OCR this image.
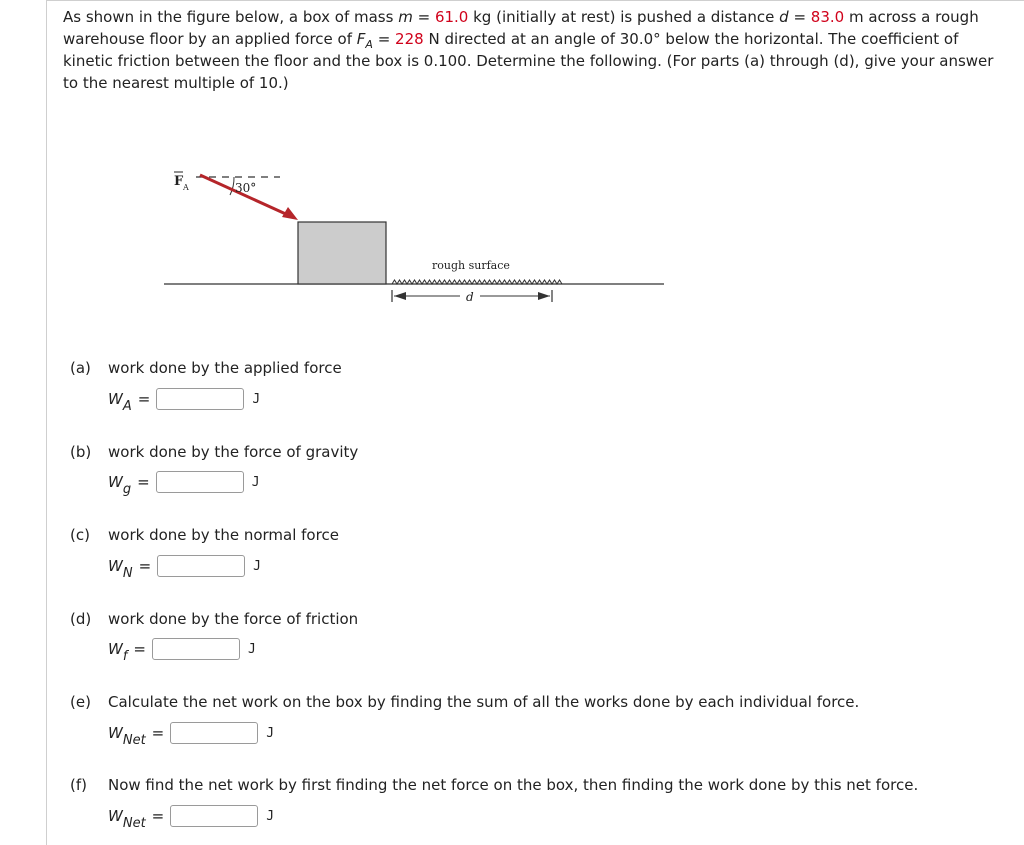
As shown in the figure below, a box of mass m = 61.0 kg (initially at rest) is pushed a distance d = 83.0 m across a rough warehouse floor by an applied force of $F_A = 228$ N directed at an angle of 30.0° below the horizontal. The coefficient of kinetic friction between the floor and the box is 0.100. Determine the following. (For parts (a) through (d), give your answer to the nearest multiple of 10.)
F A	30°
rough surface
d
(a) work done by the applied force
WA =	J
(b) work done by the force of gravity
Wg =	J
(c) work done by the normal force
WN =	J
(d) work done by the force of friction
Wf =	J
(e) Calculate the net work on the box by finding the sum of all the works done by each individual force.
WNet =	J
(f) Now find the net work by first finding the net force on the box, then finding the work done by this net force.
WNet =	J
